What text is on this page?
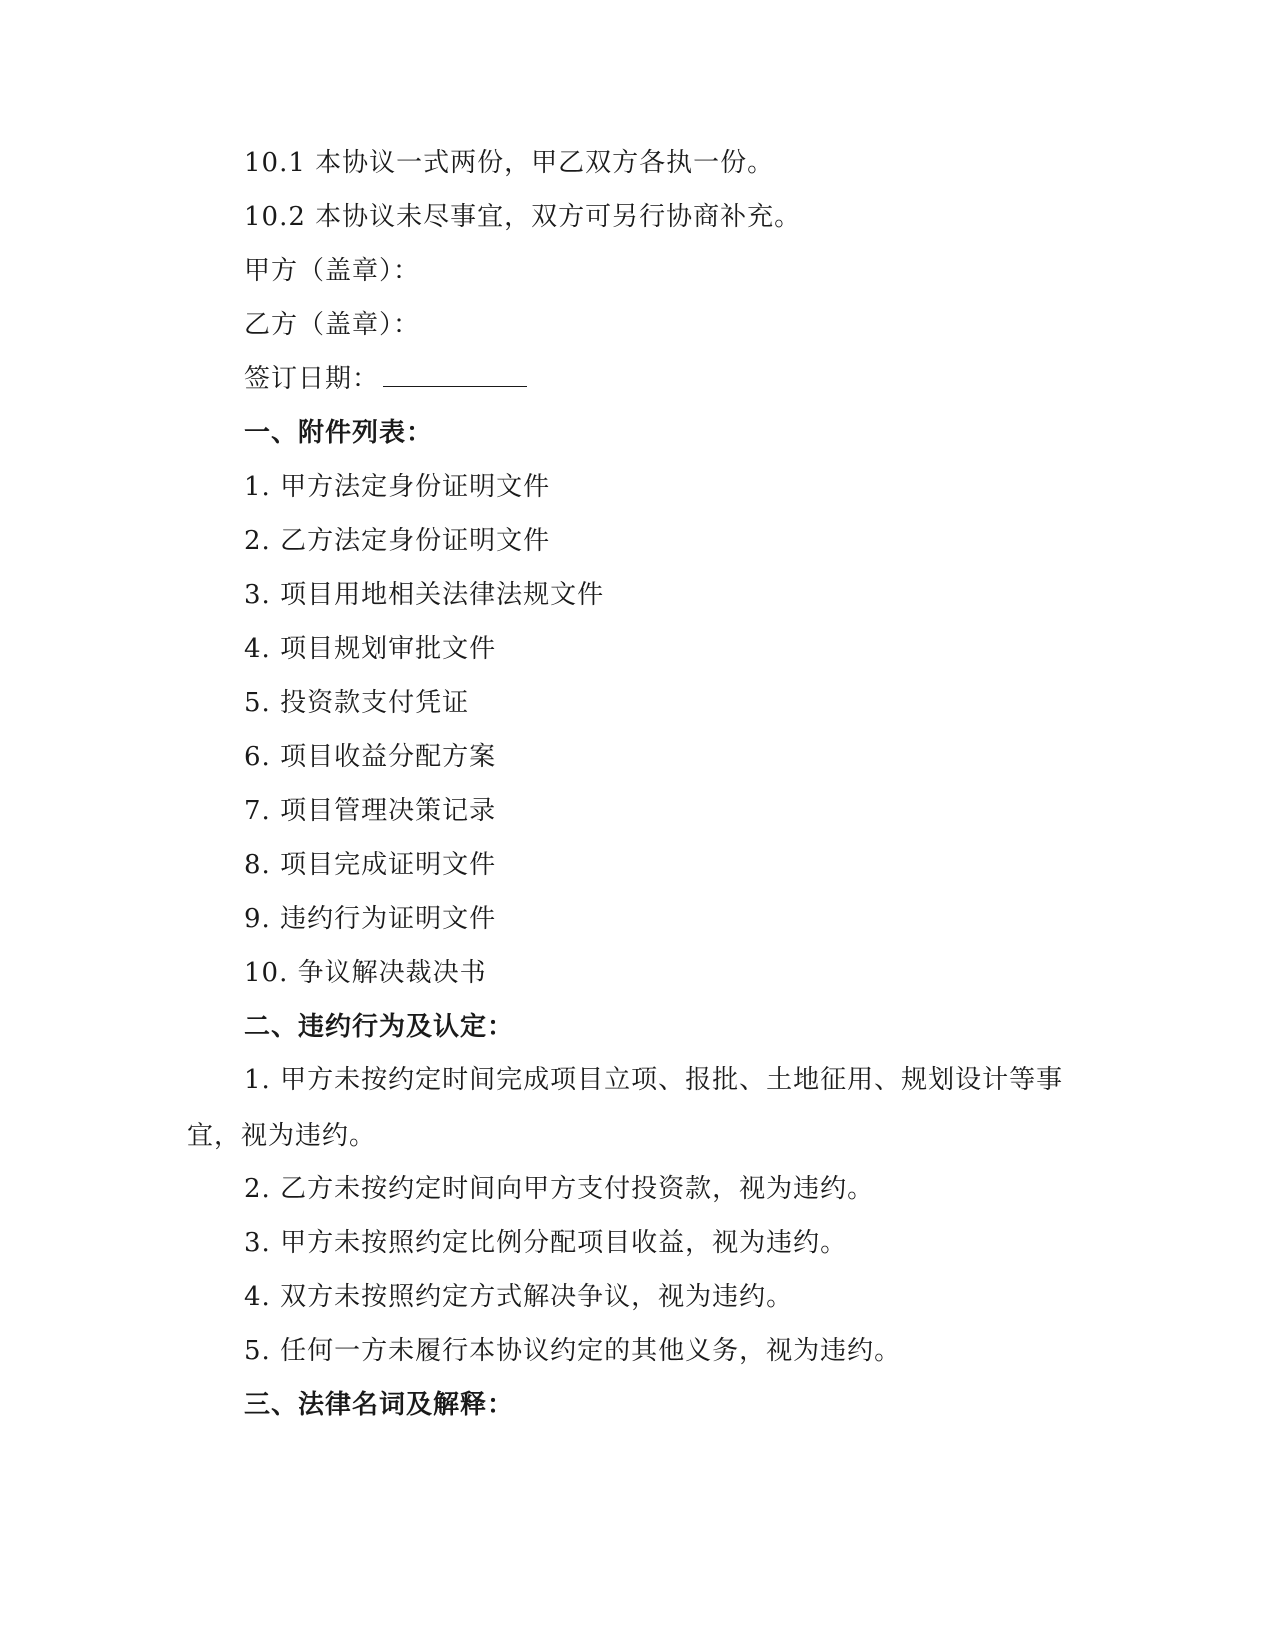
10.1 本协议一式两份，甲乙双方各执一份。
10.2 本协议未尽事宜，双方可另行协商补充。
甲方（盖章）：
乙方（盖章）：
签订日期：
一、附件列表：
1. 甲方法定身份证明文件
2. 乙方法定身份证明文件
3. 项目用地相关法律法规文件
4. 项目规划审批文件
5. 投资款支付凭证
6. 项目收益分配方案
7. 项目管理决策记录
8. 项目完成证明文件
9. 违约行为证明文件
10. 争议解决裁决书
二、违约行为及认定：
1. 甲方未按约定时间完成项目立项、报批、土地征用、规划设计等事宜，视为违约。
2. 乙方未按约定时间向甲方支付投资款，视为违约。
3. 甲方未按照约定比例分配项目收益，视为违约。
4. 双方未按照约定方式解决争议，视为违约。
5. 任何一方未履行本协议约定的其他义务，视为违约。
三、法律名词及解释：
